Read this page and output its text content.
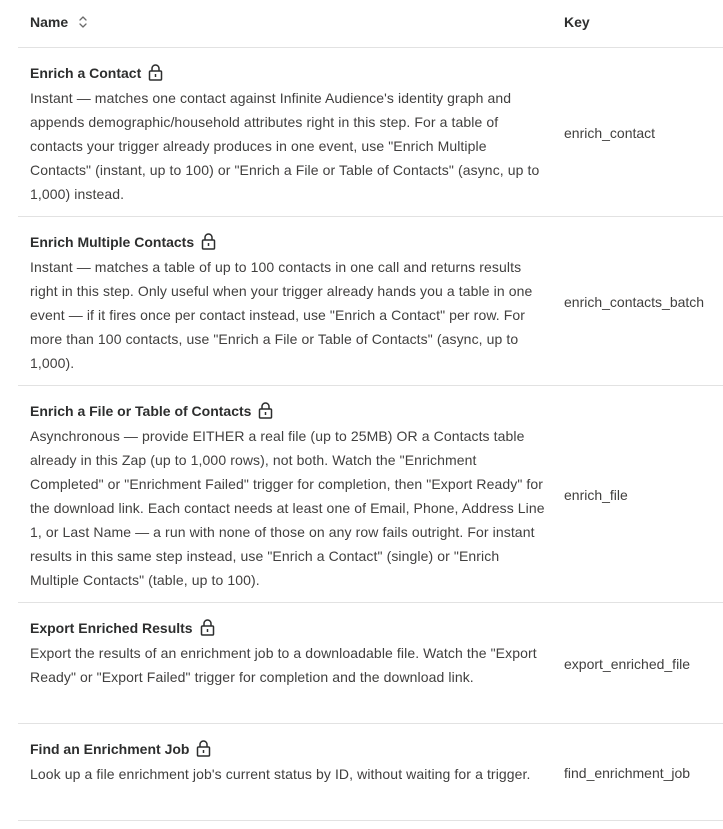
Name	Key
Enrich a Contact
Instant — matches one contact against Infinite Audience's identity graph and appends demographic/household attributes right in this step. For a table of contacts your trigger already produces in one event, use "Enrich Multiple Contacts" (instant, up to 100) or "Enrich a File or Table of Contacts" (async, up to 1,000) instead.
enrich_contact
Enrich Multiple Contacts
Instant — matches a table of up to 100 contacts in one call and returns results right in this step. Only useful when your trigger already hands you a table in one event — if it fires once per contact instead, use "Enrich a Contact" per row. For more than 100 contacts, use "Enrich a File or Table of Contacts" (async, up to 1,000).
enrich_contacts_batch
Enrich a File or Table of Contacts
Asynchronous — provide EITHER a real file (up to 25MB) OR a Contacts table already in this Zap (up to 1,000 rows), not both. Watch the "Enrichment Completed" or "Enrichment Failed" trigger for completion, then "Export Ready" for the download link. Each contact needs at least one of Email, Phone, Address Line 1, or Last Name — a run with none of those on any row fails outright. For instant results in this same step instead, use "Enrich a Contact" (single) or "Enrich Multiple Contacts" (table, up to 100).
enrich_file
Export Enriched Results
Export the results of an enrichment job to a downloadable file. Watch the "Export Ready" or "Export Failed" trigger for completion and the download link.
export_enriched_file
Find an Enrichment Job
Look up a file enrichment job's current status by ID, without waiting for a trigger.	find_enrichment_job
